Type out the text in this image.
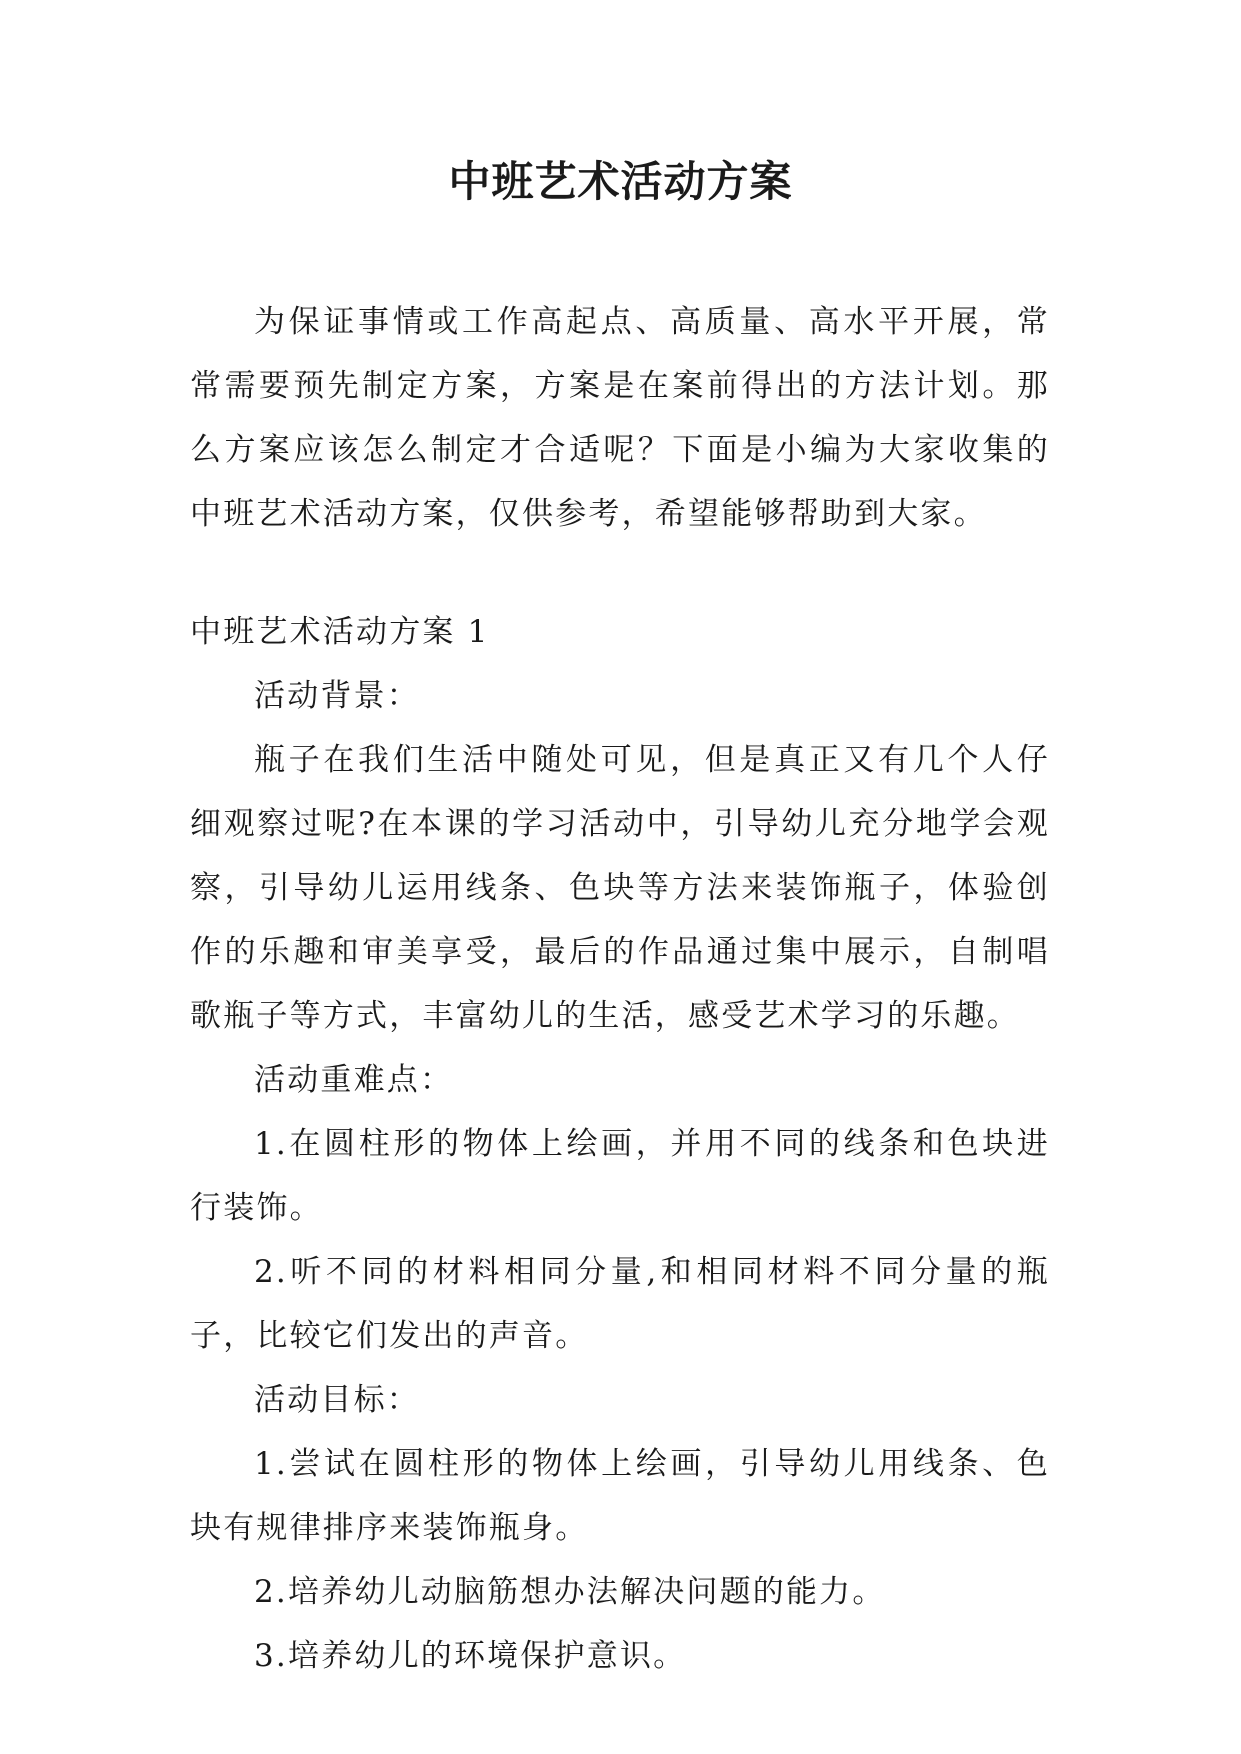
中班艺术活动方案

为保证事情或工作高起点、高质量、高水平开展，常常需要预先制定方案，方案是在案前得出的方法计划。那么方案应该怎么制定才合适呢？下面是小编为大家收集的中班艺术活动方案，仅供参考，希望能够帮助到大家。

中班艺术活动方案 1

活动背景：

瓶子在我们生活中随处可见，但是真正又有几个人仔细观察过呢?在本课的学习活动中，引导幼儿充分地学会观察，引导幼儿运用线条、色块等方法来装饰瓶子，体验创作的乐趣和审美享受，最后的作品通过集中展示，自制唱歌瓶子等方式，丰富幼儿的生活，感受艺术学习的乐趣。

活动重难点：

1.在圆柱形的物体上绘画，并用不同的线条和色块进行装饰。

2.听不同的材料相同分量,和相同材料不同分量的瓶子，比较它们发出的声音。

活动目标：

1.尝试在圆柱形的物体上绘画，引导幼儿用线条、色块有规律排序来装饰瓶身。

2.培养幼儿动脑筋想办法解决问题的能力。

3.培养幼儿的环境保护意识。
